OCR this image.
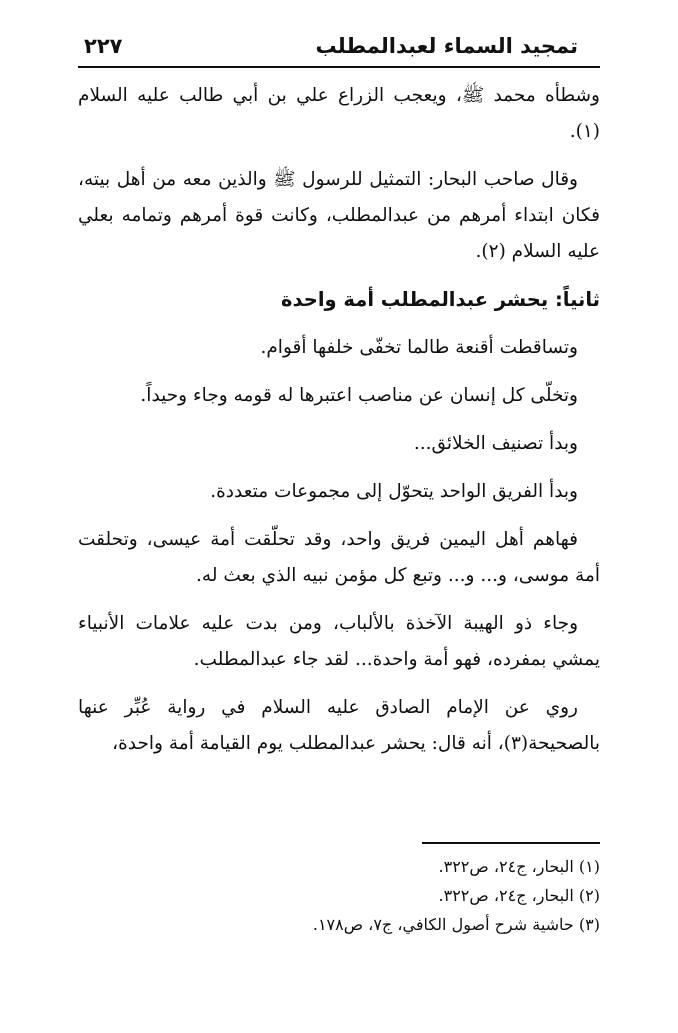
تمجيد السماء لعبدالمطلب
٢٢٧

وشطأه محمد ﷺ، ويعجب الزراع علي بن أبي طالب عليه السلام (١).

وقال صاحب البحار: التمثيل للرسول ﷺ والذين معه من أهل بيته، فكان ابتداء أمرهم من عبدالمطلب، وكانت قوة أمرهم وتمامه بعلي عليه السلام (٢).

ثانياً: يحشر عبدالمطلب أمة واحدة

وتساقطت أقنعة طالما تخفّى خلفها أقوام.

وتخلّى كل إنسان عن مناصب اعتبرها له قومه وجاء وحيداً.

وبدأ تصنيف الخلائق...

وبدأ الفريق الواحد يتحوّل إلى مجموعات متعددة.

فهاهم أهل اليمين فريق واحد، وقد تحلّقت أمة عيسى، وتحلقت أمة موسى، و... و... وتبع كل مؤمن نبيه الذي بعث له.

وجاء ذو الهيبة الآخذة بالألباب، ومن بدت عليه علامات الأنبياء يمشي بمفرده، فهو أمة واحدة... لقد جاء عبدالمطلب.

روي عن الإمام الصادق عليه السلام في رواية عُبِّر عنها بالصحيحة(٣)، أنه قال: يحشر عبدالمطلب يوم القيامة أمة واحدة،

(١) البحار، ج٢٤، ص٣٢٢.

(٢) البحار، ج٢٤، ص٣٢٢.

(٣) حاشية شرح أصول الكافي، ج٧، ص١٧٨.
